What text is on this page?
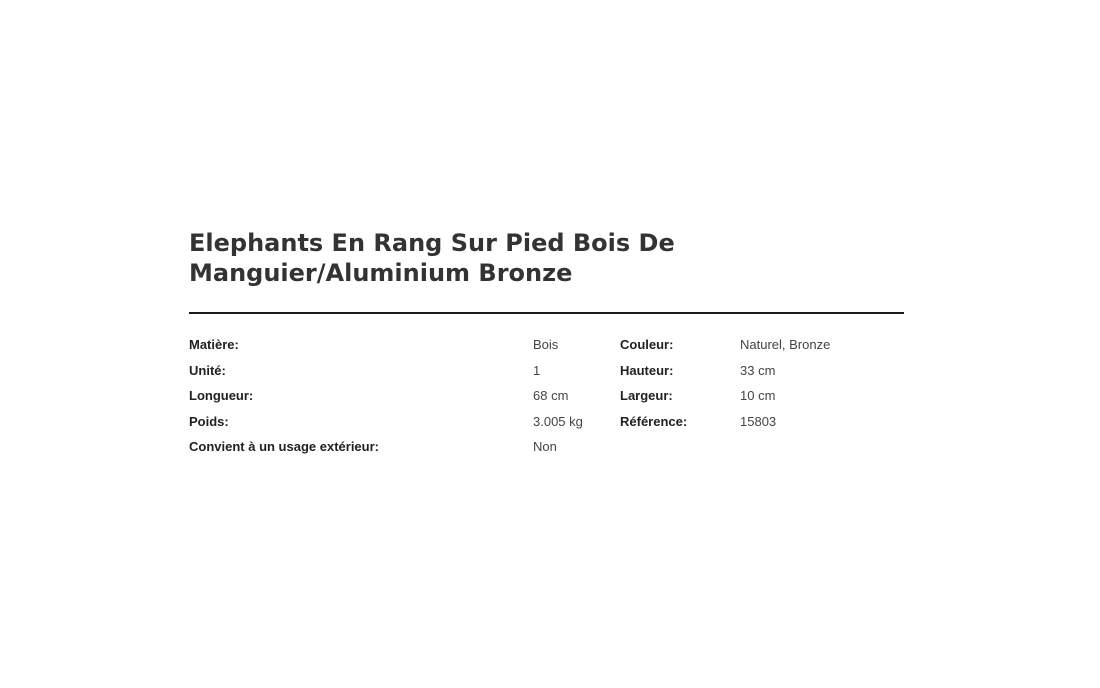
Elephants En Rang Sur Pied Bois De Manguier/Aluminium Bronze
Matière:	Bois	Couleur:	Naturel, Bronze
Unité:	1	Hauteur:	33 cm
Longueur:	68 cm	Largeur:	10 cm
Poids:	3.005 kg	Référence:	15803
Convient à un usage extérieur:	Non
